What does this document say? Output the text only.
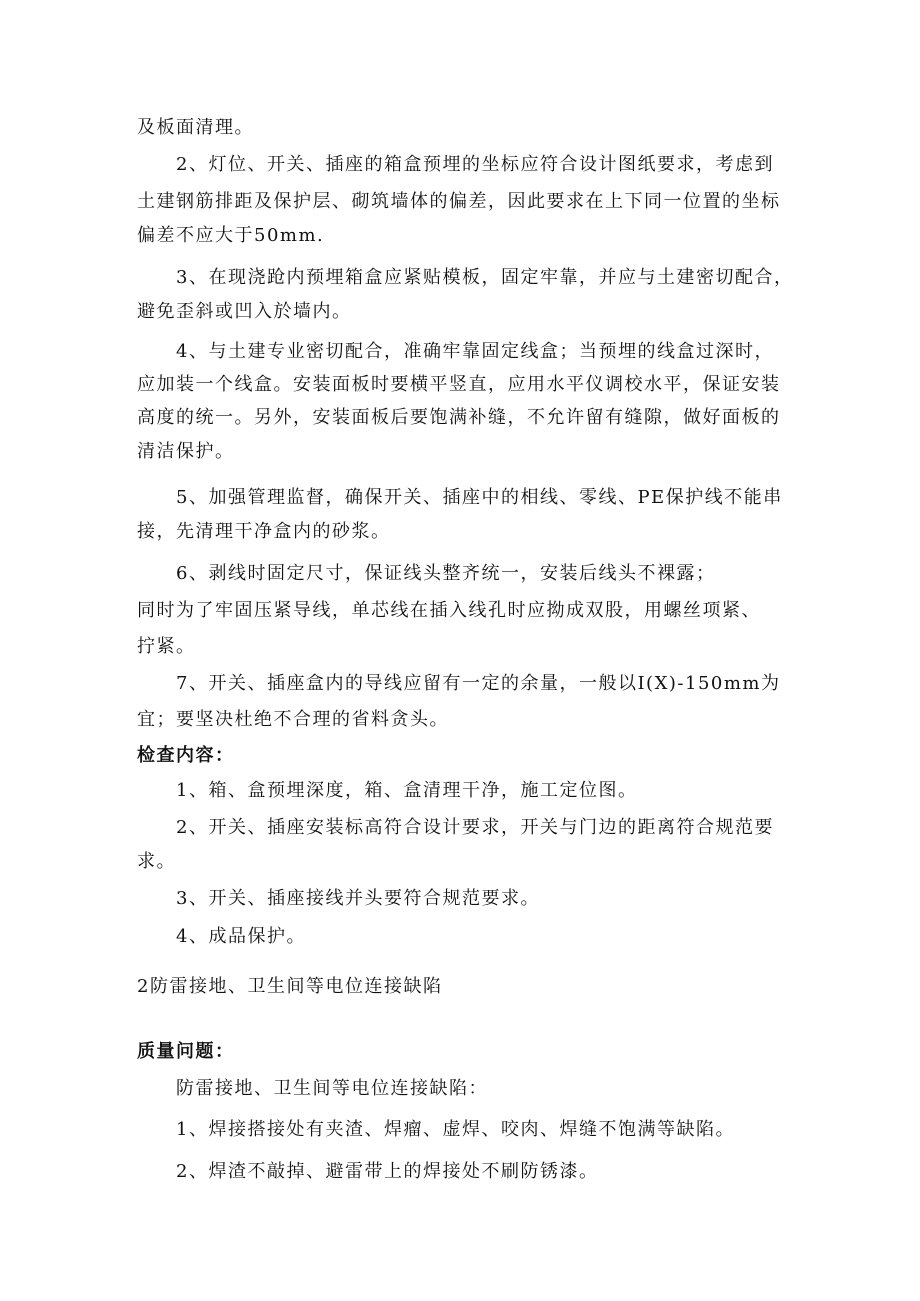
及板面清理。
2、灯位、开关、插座的箱盒预埋的坐标应符合设计图纸要求，考虑到
土建钢筋排距及保护层、砌筑墙体的偏差，因此要求在上下同一位置的坐标
偏差不应大于50mm.
3、在现浇跄内预埋箱盒应紧贴模板，固定牢靠，并应与土建密切配合，
避免歪斜或凹入於墙内。
4、与土建专业密切配合，准确牢靠固定线盒；当预埋的线盒过深时，
应加装一个线盒。安装面板时要横平竖直，应用水平仪调校水平，保证安装
高度的统一。另外，安装面板后要饱满补缝，不允许留有缝隙，做好面板的
清洁保护。
5、加强管理监督，确保开关、插座中的相线、零线、PE保护线不能串
接，先清理干净盒内的砂浆。
6、剥线时固定尺寸，保证线头整齐统一，安装后线头不裸露；
同时为了牢固压紧导线，单芯线在插入线孔时应拗成双股，用螺丝项紧、
拧紧。
7、开关、插座盒内的导线应留有一定的余量，一般以I(X)-150mm为
宜；要坚决杜绝不合理的省料贪头。
检查内容：
1、箱、盒预埋深度，箱、盒清理干净，施工定位图。
2、开关、插座安装标高符合设计要求，开关与门边的距离符合规范要
求。
3、开关、插座接线并头要符合规范要求。
4、成品保护。
2防雷接地、卫生间等电位连接缺陷
质量问题：
防雷接地、卫生间等电位连接缺陷：
1、焊接搭接处有夹渣、焊瘤、虚焊、咬肉、焊缝不饱满等缺陷。
2、焊渣不敲掉、避雷带上的焊接处不刷防锈漆。
